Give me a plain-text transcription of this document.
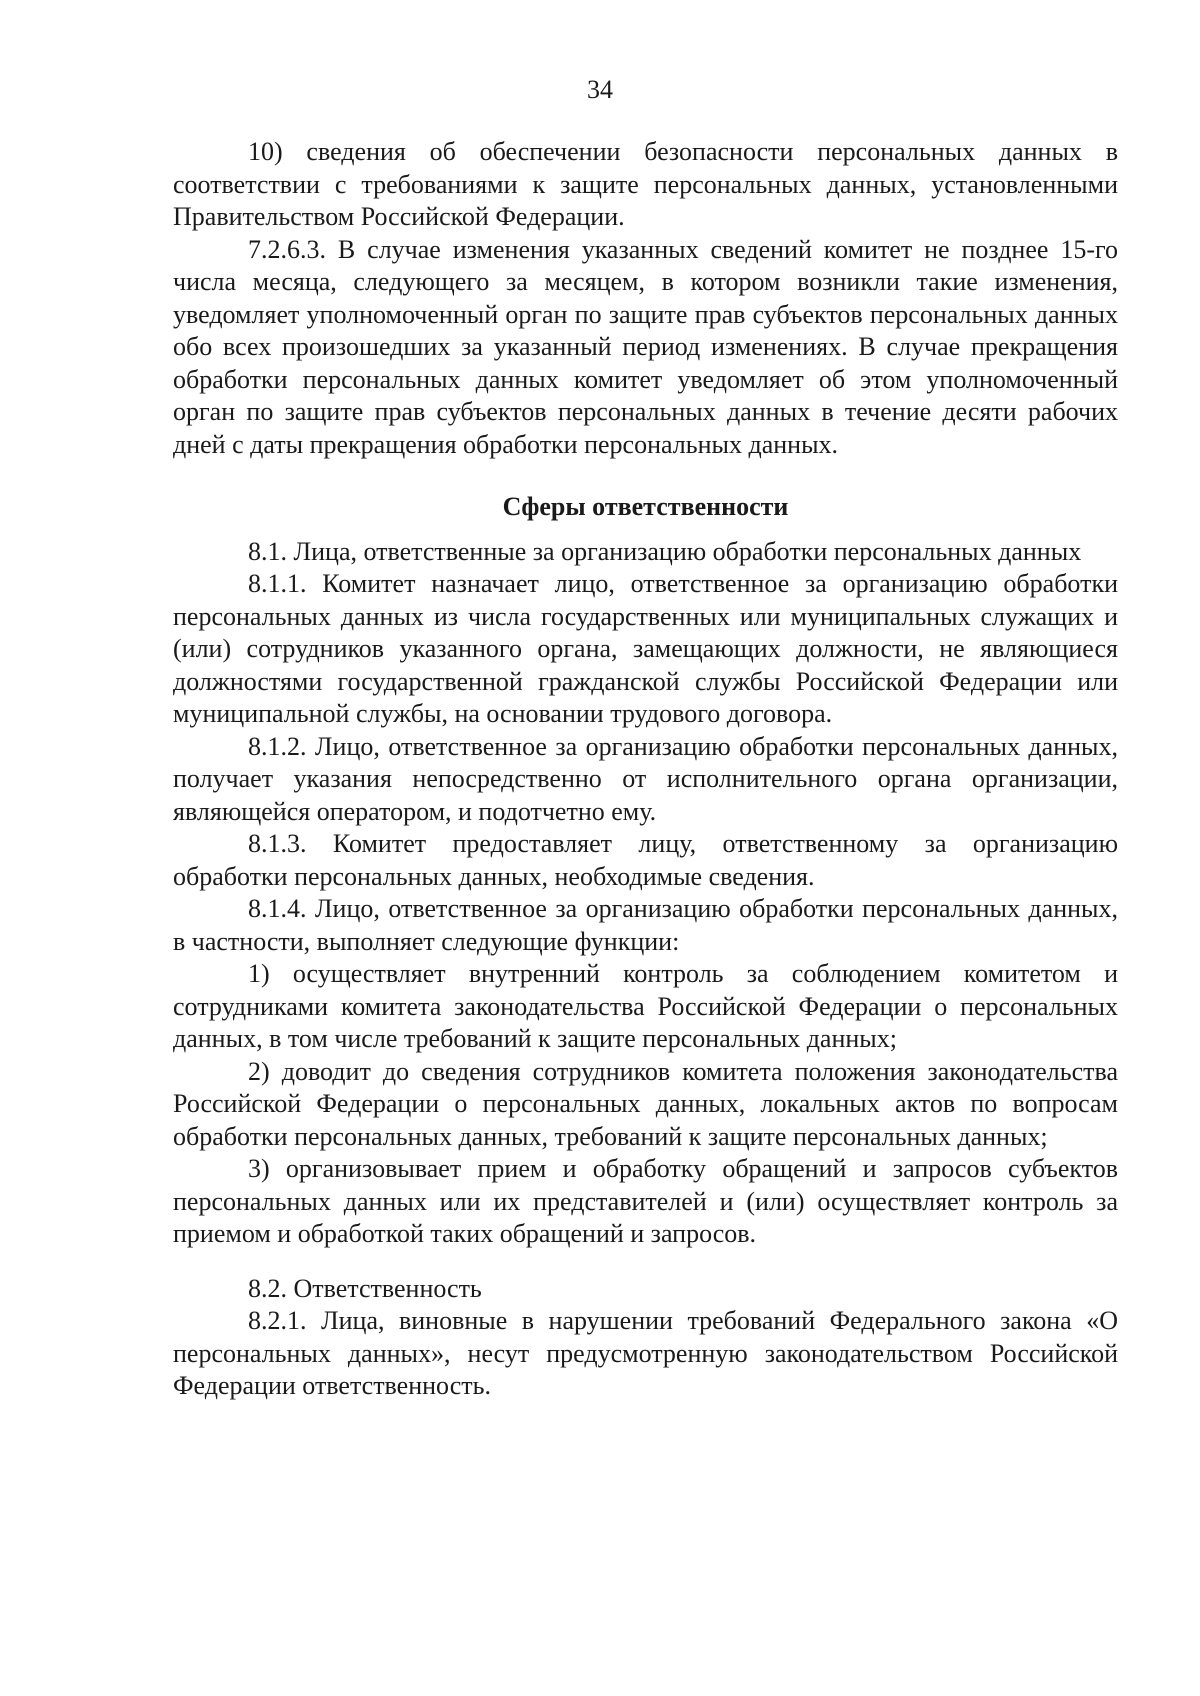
34

10) сведения об обеспечении безопасности персональных данных в соответствии с требованиями к защите персональных данных, установленными Правительством Российской Федерации.

7.2.6.3. В случае изменения указанных сведений комитет не позднее 15-го числа месяца, следующего за месяцем, в котором возникли такие изменения, уведомляет уполномоченный орган по защите прав субъектов персональных данных обо всех произошедших за указанный период изменениях. В случае прекращения обработки персональных данных комитет уведомляет об этом уполномоченный орган по защите прав субъектов персональных данных в течение десяти рабочих дней с даты прекращения обработки персональных данных.

Сферы ответственности

8.1. Лица, ответственные за организацию обработки персональных данных

8.1.1. Комитет назначает лицо, ответственное за организацию обработки персональных данных из числа государственных или муниципальных служащих и (или) сотрудников указанного органа, замещающих должности, не являющиеся должностями государственной гражданской службы Российской Федерации или муниципальной службы, на основании трудового договора.

8.1.2. Лицо, ответственное за организацию обработки персональных данных, получает указания непосредственно от исполнительного органа организации, являющейся оператором, и подотчетно ему.

8.1.3. Комитет предоставляет лицу, ответственному за организацию обработки персональных данных, необходимые сведения.

8.1.4. Лицо, ответственное за организацию обработки персональных данных, в частности, выполняет следующие функции:

1) осуществляет внутренний контроль за соблюдением комитетом и сотрудниками комитета законодательства Российской Федерации о персональных данных, в том числе требований к защите персональных данных;

2) доводит до сведения сотрудников комитета положения законодательства Российской Федерации о персональных данных, локальных актов по вопросам обработки персональных данных, требований к защите персональных данных;

3) организовывает прием и обработку обращений и запросов субъектов персональных данных или их представителей и (или) осуществляет контроль за приемом и обработкой таких обращений и запросов.

8.2. Ответственность

8.2.1. Лица, виновные в нарушении требований Федерального закона «О персональных данных», несут предусмотренную законодательством Российской Федерации ответственность.
